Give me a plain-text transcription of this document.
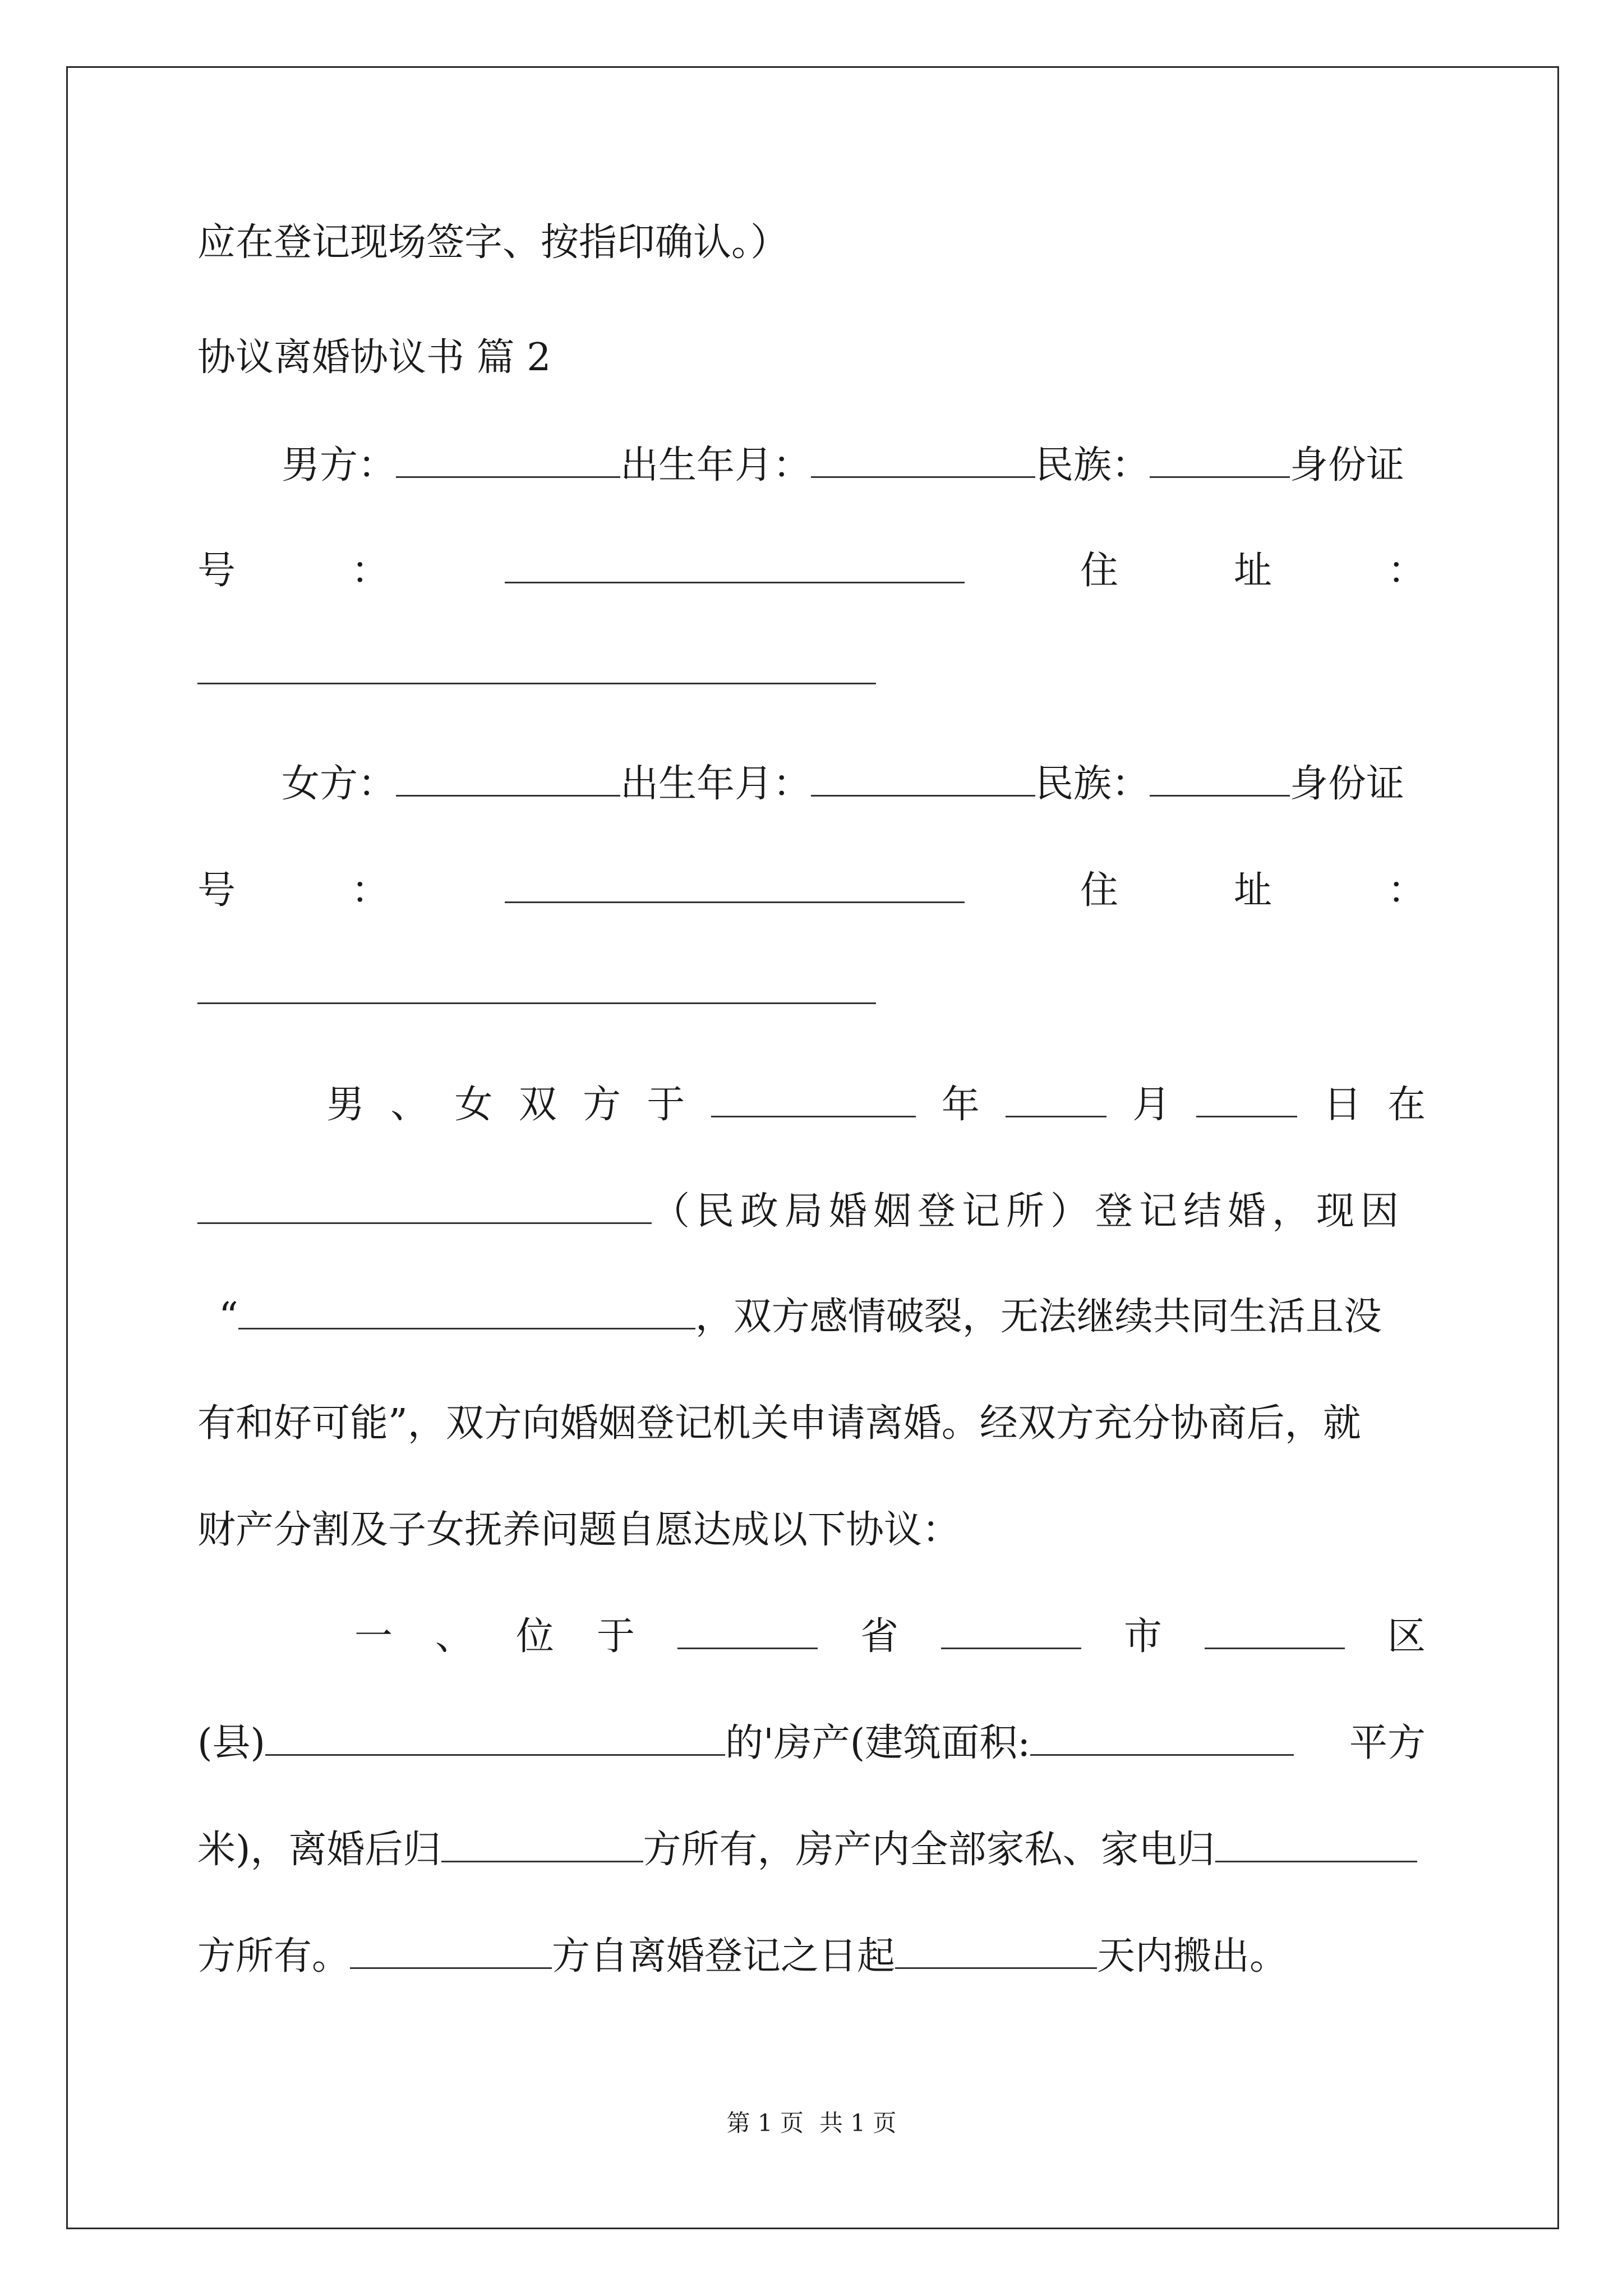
应在登记现场签字、按指印确认。）
协议离婚协议书 篇 2
男方：	出生年月：	民族：	身份证
号	：	住	址	：
女方：	出生年月：	民族：	身份证
号	：	住	址	：
男 、 女 双 方 于	年	月	日 在
（民政局婚姻登记所）登记结婚，现因
“	，双方感情破裂，无法继续共同生活且没
有和好可能”，双方向婚姻登记机关申请离婚。经双方充分协商后，就
财产分割及子女抚养问题自愿达成以下协议：
一 、 位 于	省	市	区
(县)	的'房产(建筑面积:	平方
米)，离婚后归	方所有，房产内全部家私、家电归
方所有。	方自离婚登记之日起	天内搬出。
第 1 页 共 1 页
